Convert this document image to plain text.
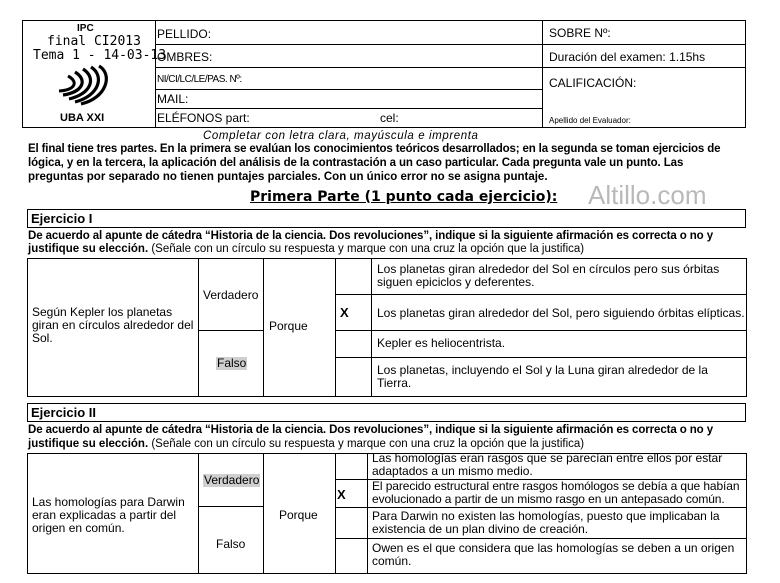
IPC
final CI2013
Tema 1 - 14-03-13
UBA XXI
PELLIDO:
OMBRES:
NI/CI/LC/LE/PAS. Nº:
MAIL:
ELÉFONOS part:	cel:
SOBRE Nº:
Duración del examen: 1.15hs
CALIFICACIÓN:
Apellido del Evaluador:
Completar con letra clara, mayúscula e imprenta
El final tiene tres partes. En la primera se evalúan los conocimientos teóricos desarrollados; en la segunda se toman ejercicios de
lógica, y en la tercera, la aplicación del análisis de la contrastación a un caso particular. Cada pregunta vale un punto. Las
preguntas por separado no tienen puntajes parciales. Con un único error no se asigna puntaje.
Primera Parte (1 punto cada ejercicio): Altillo.com
Ejercicio I
De acuerdo al apunte de cátedra “Historia de la ciencia. Dos revoluciones”, indique si la siguiente afirmación es correcta o no y
justifique su elección. (Señale con un círculo su respuesta y marque con una cruz la opción que la justifica)
Según Kepler los planetas giran en círculos alrededor del Sol.
Verdadero
Falso
Porque
X
Los planetas giran alrededor del Sol en círculos pero sus órbitas siguen epiciclos y deferentes.
Los planetas giran alrededor del Sol, pero siguiendo órbitas elípticas.
Kepler es heliocentrista.
Los planetas, incluyendo el Sol y la Luna giran alrededor de la Tierra.
Ejercicio II
De acuerdo al apunte de cátedra “Historia de la ciencia. Dos revoluciones”, indique si la siguiente afirmación es correcta o no y
justifique su elección. (Señale con un círculo su respuesta y marque con una cruz la opción que la justifica)
Las homologías para Darwin eran explicadas a partir del origen en común.
Verdadero
Falso
Porque
X
Las homologías eran rasgos que se parecían entre ellos por estar adaptados a un mismo medio.
El parecido estructural entre rasgos homólogos se debía a que habían evolucionado a partir de un mismo rasgo en un antepasado común.
Para Darwin no existen las homologías, puesto que implicaban la existencia de un plan divino de creación.
Owen es el que considera que las homologías se deben a un origen común.
